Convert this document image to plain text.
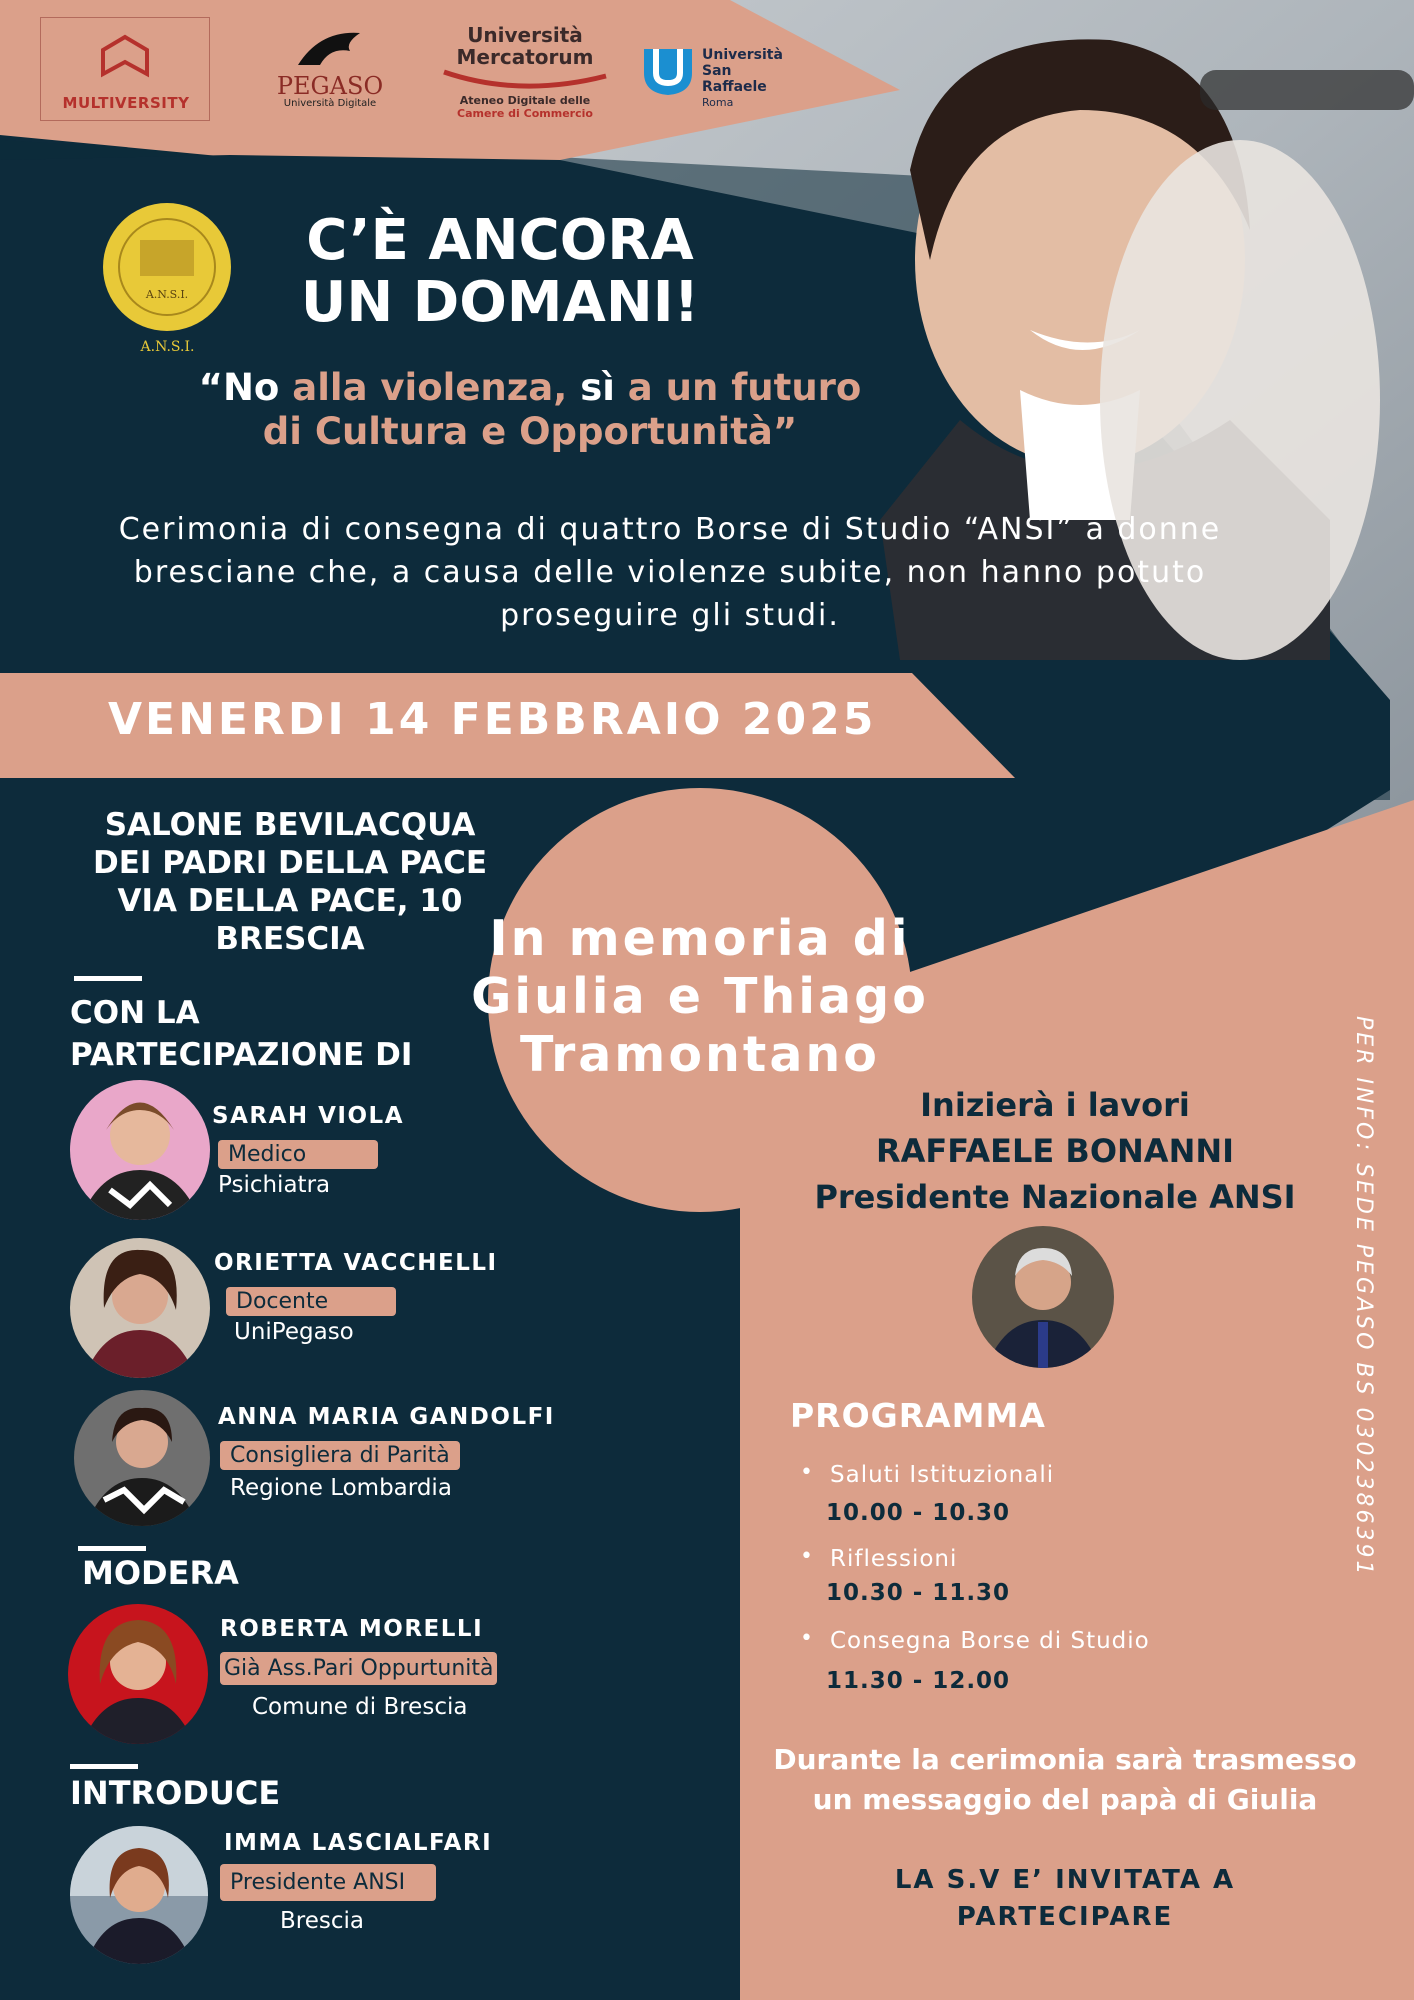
MULTIVERSITY
PEGASO
Università Digitale
Università
Mercatorum
Ateneo Digitale delle
Camere di Commercio
Università
San Raffaele
Roma
A.N.S.I.
A.N.S.I.
C’È ANCORA
UN DOMANI!
“No alla violenza, sì a un futuro
di Cultura e Opportunità”
Cerimonia di consegna di quattro Borse di Studio “ANSI” a donne bresciane che, a causa delle violenze subite, non hanno potuto proseguire gli studi.
VENERDI 14 FEBBRAIO 2025
SALONE BEVILACQUA
DEI PADRI DELLA PACE
VIA DELLA PACE, 10
BRESCIA	In memoria di
Giulia e Thiago
Tramontano
CON LA
PARTECIPAZIONE DI
SARAH VIOLA
Medico
Psichiatra
ORIETTA VACCHELLI
Docente
UniPegaso
ANNA MARIA GANDOLFI
Consigliera di Parità
Regione Lombardia
MODERA
ROBERTA MORELLI
Già Ass.Pari Oppurtunità
Comune di Brescia
INTRODUCE
IMMA LASCIALFARI
Presidente ANSI
Brescia
Inizierà i lavori
RAFFAELE BONANNI
Presidente Nazionale ANSI
PROGRAMMA
• Saluti Istituzionali
10.00 - 10.30
• Riflessioni
10.30 - 11.30
• Consegna Borse di Studio
11.30 - 12.00
Durante la cerimonia sarà trasmesso
un messaggio del papà di Giulia
LA S.V E’ INVITATA A
PARTECIPARE
PER INFO: SEDE PEGASO BS 0302386391
